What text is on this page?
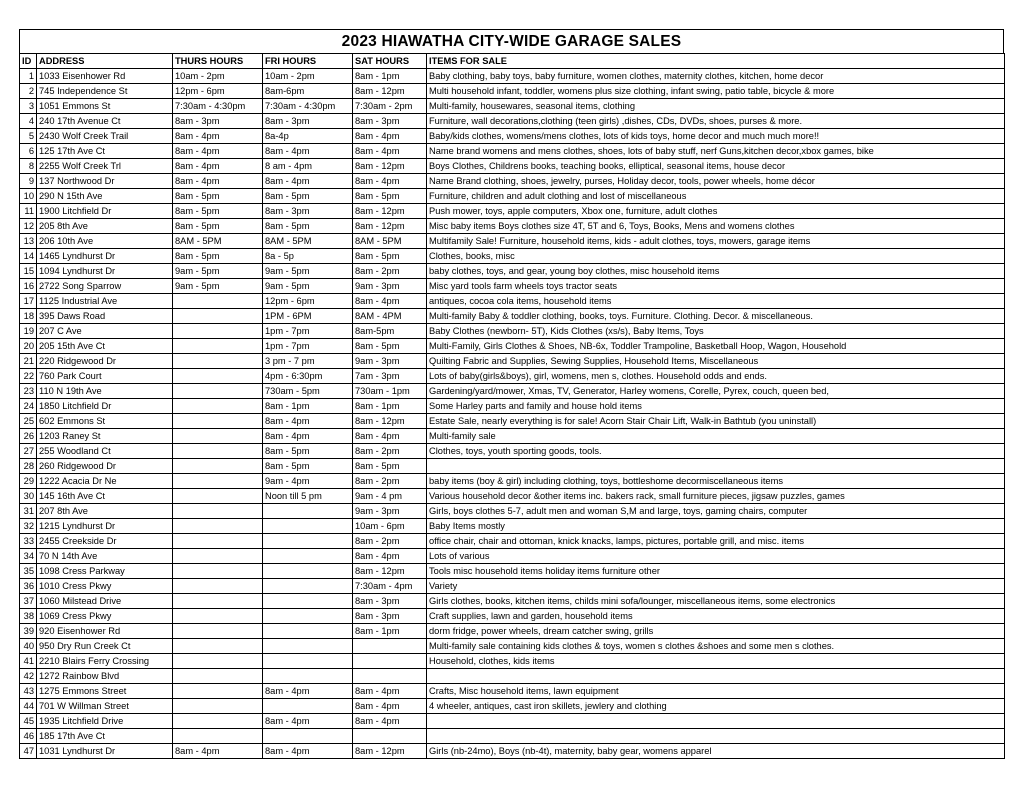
2023 HIAWATHA CITY-WIDE GARAGE SALES
ID	ADDRESS	THURS HOURS	FRI HOURS	SAT HOURS	ITEMS FOR SALE
1	1033 Eisenhower Rd	10am - 2pm	10am - 2pm	8am - 1pm	Baby clothing, baby toys, baby furniture, women clothes, maternity clothes, kitchen, home decor
2	745 Independence St	12pm - 6pm	8am-6pm	8am - 12pm	Multi household infant, toddler, womens plus size clothing, infant swing, patio table, bicycle & more
3	1051 Emmons St	7:30am - 4:30pm	7:30am - 4:30pm	7:30am - 2pm	Multi-family, housewares, seasonal items, clothing
4	240 17th Avenue Ct	8am - 3pm	8am - 3pm	8am - 3pm	Furniture, wall decorations,clothing (teen girls) ,dishes, CDs, DVDs, shoes, purses & more.
5	2430 Wolf Creek Trail	8am - 4pm	8a-4p	8am - 4pm	Baby/kids clothes, womens/mens clothes, lots of kids toys, home decor and much much more!!
6	125 17th Ave Ct	8am - 4pm	8am - 4pm	8am - 4pm	Name brand womens and mens clothes, shoes, lots of baby stuff, nerf Guns,kitchen decor,xbox games, bike
8	2255 Wolf Creek Trl	8am - 4pm	8 am - 4pm	8am - 12pm	Boys Clothes, Childrens books, teaching books, elliptical, seasonal items, house decor
9	137 Northwood Dr	8am - 4pm	8am - 4pm	8am - 4pm	Name Brand clothing, shoes, jewelry, purses, Holiday decor, tools, power wheels, home décor
10	290 N 15th Ave	8am - 5pm	8am - 5pm	8am - 5pm	Furniture, children and adult clothing and lost of miscellaneous
11	1900 Litchfield Dr	8am - 5pm	8am - 3pm	8am - 12pm	Push mower, toys, apple computers, Xbox one, furniture, adult clothes
12	205 8th Ave	8am - 5pm	8am - 5pm	8am - 12pm	Misc baby items Boys clothes size 4T, 5T and 6, Toys, Books, Mens and womens clothes
13	206 10th Ave	8AM - 5PM	8AM - 5PM	8AM - 5PM	Multifamily Sale! Furniture, household items, kids - adult clothes, toys, mowers, garage items
14	1465 Lyndhurst Dr	8am - 5pm	8a - 5p	8am - 5pm	Clothes, books, misc
15	1094 Lyndhurst Dr	9am - 5pm	9am - 5pm	8am - 2pm	baby clothes, toys, and gear, young boy clothes, misc household items
16	2722 Song Sparrow	9am - 5pm	9am - 5pm	9am - 3pm	Misc yard tools farm wheels toys tractor seats
17	1125 Industrial Ave		12pm - 6pm	8am - 4pm	antiques, cocoa cola items, household items
18	395 Daws Road		1PM - 6PM	8AM - 4PM	Multi-family Baby & toddler clothing, books, toys. Furniture. Clothing. Decor. & miscellaneous.
19	207 C Ave		1pm - 7pm	8am-5pm	Baby Clothes (newborn- 5T), Kids Clothes (xs/s), Baby Items, Toys
20	205 15th Ave Ct		1pm - 7pm	8am - 5pm	Multi-Family, Girls Clothes & Shoes, NB-6x, Toddler Trampoline, Basketball Hoop, Wagon, Household
21	220 Ridgewood Dr		3 pm - 7 pm	9am - 3pm	Quilting Fabric and Supplies, Sewing Supplies, Household Items, Miscellaneous
22	760 Park Court		4pm - 6:30pm	7am - 3pm	Lots of baby(girls&boys), girl, womens, men s, clothes. Household odds and ends.
23	110 N 19th Ave		730am - 5pm	730am - 1pm	Gardening/yard/mower, Xmas, TV, Generator, Harley womens, Corelle, Pyrex, couch, queen bed,
24	1850 Litchfield Dr		8am - 1pm	8am - 1pm	Some Harley parts and family and house hold items
25	602 Emmons St		8am - 4pm	8am - 12pm	Estate Sale, nearly everything is for sale! Acorn Stair Chair Lift, Walk-in Bathtub (you uninstall)
26	1203 Raney St		8am - 4pm	8am - 4pm	Multi-family sale
27	255 Woodland Ct		8am - 5pm	8am - 2pm	Clothes, toys, youth sporting goods, tools.
28	260 Ridgewood Dr		8am - 5pm	8am - 5pm	
29	1222 Acacia Dr Ne		9am - 4pm	8am - 2pm	baby items (boy & girl) including clothing, toys, bottleshome decormiscellaneous items
30	145 16th Ave Ct		Noon till 5 pm	9am - 4 pm	Various household decor &other items inc. bakers rack, small furniture pieces, jigsaw puzzles, games
31	207 8th Ave			9am - 3pm	Girls, boys clothes 5-7, adult men and woman S,M and large, toys, gaming chairs, computer
32	1215 Lyndhurst Dr			10am - 6pm	Baby Items mostly
33	2455 Creekside Dr			8am - 2pm	office chair, chair and ottoman, knick knacks, lamps, pictures, portable grill, and misc. items
34	70 N 14th Ave			8am - 4pm	Lots of various
35	1098 Cress Parkway			8am - 12pm	Tools misc household items holiday items furniture other
36	1010 Cress Pkwy			7:30am - 4pm	Variety
37	1060 Milstead Drive			8am - 3pm	Girls clothes, books, kitchen items, childs mini sofa/lounger, miscellaneous items, some electronics
38	1069 Cress Pkwy			8am - 3pm	Craft supplies, lawn and garden, household items
39	920 Eisenhower Rd			8am - 1pm	dorm fridge, power wheels, dream catcher swing, grills
40	950 Dry Run Creek Ct				Multi-family sale containing kids clothes & toys, women s clothes &shoes and some men s clothes.
41	2210 Blairs Ferry Crossing				Household, clothes, kids items
42	1272 Rainbow Blvd				
43	1275 Emmons Street		8am - 4pm	8am - 4pm	Crafts, Misc household items, lawn equipment
44	701 W Willman Street			8am - 4pm	4 wheeler, antiques, cast iron skillets, jewlery and clothing
45	1935 Litchfield Drive		8am - 4pm	8am - 4pm	
46	185 17th Ave Ct				
47	1031 Lyndhurst Dr	8am - 4pm	8am - 4pm	8am - 12pm	Girls (nb-24mo), Boys (nb-4t), maternity, baby gear, womens apparel
